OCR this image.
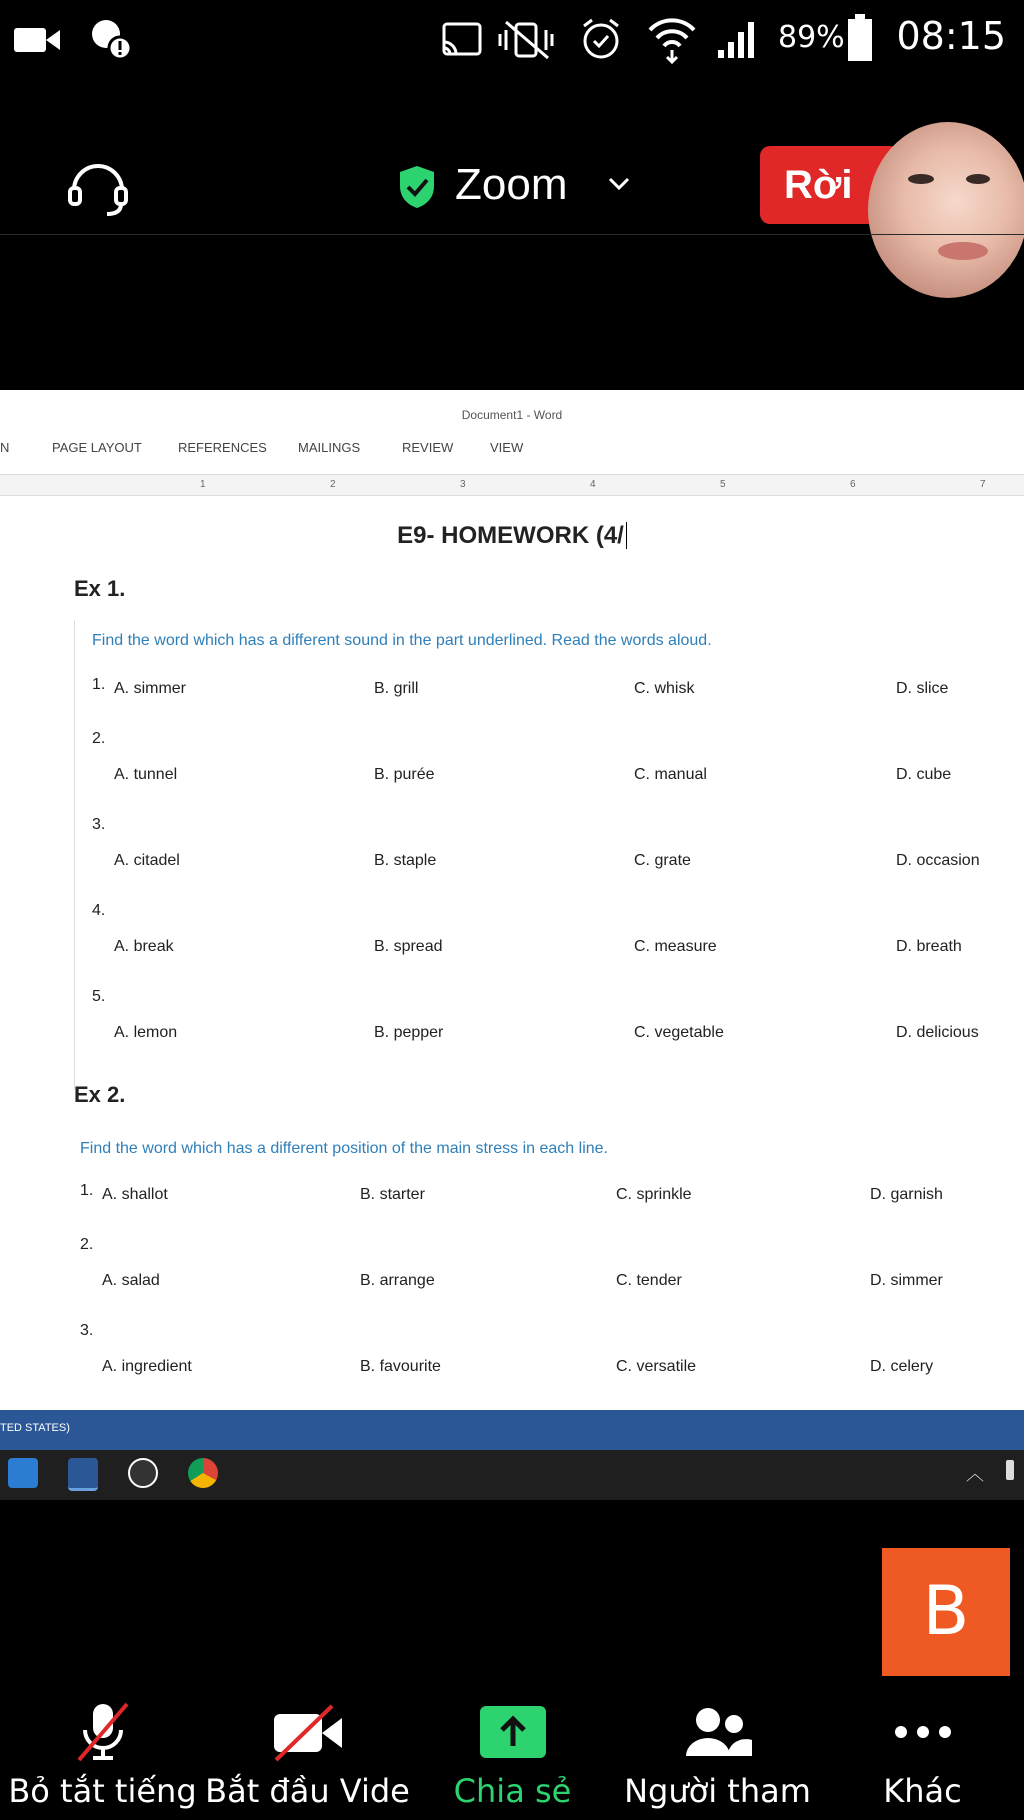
89% 08:15
Zoom	Rời
Document1 - Word
N	PAGE LAYOUT	REFERENCES MAILINGS	REVIEW	VIEW
1	2	3	4	5	6	7
E9- HOMEWORK (4/
Ex 1.
Find the word which has a different sound in the part underlined. Read the words aloud.
1. A. simmer	B. grill	C. whisk	D. slice
2.
A. tunnel	B. purée	C. manual	D. cube
3.
A. citadel	B. staple	C. grate	D. occasion
4.
A. break	B. spread	C. measure	D. breath
5.
A. lemon	B. pepper	C. vegetable	D. delicious
Ex 2.
Find the word which has a different position of the main stress in each line.
1. A. shallot	B. starter	C. sprinkle	D. garnish
2.
A. salad	B. arrange	C. tender	D. simmer
3.
A. ingredient	B. favourite	C. versatile	D. celery
TED STATES)
︿
B
Bỏ tắt tiếng Bắt đầu Vide	Chia sẻ	Người tham	Khác
